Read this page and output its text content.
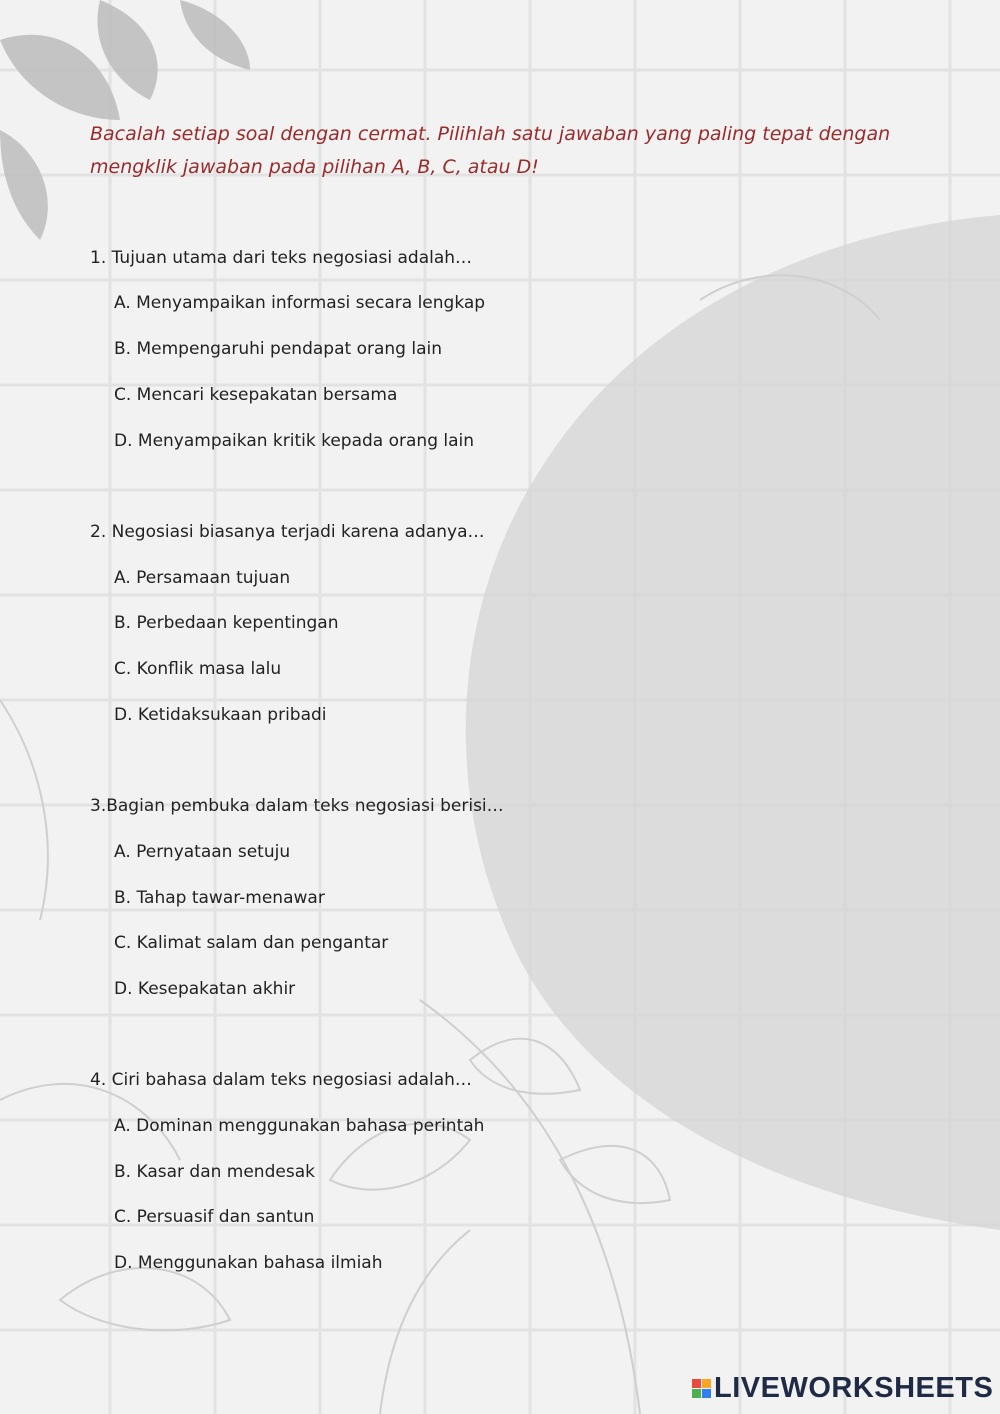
Bacalah setiap soal dengan cermat. Pilihlah satu jawaban yang paling tepat dengan mengklik jawaban pada pilihan A, B, C, atau D!
1. Tujuan utama dari teks negosiasi adalah…
A. Menyampaikan informasi secara lengkap
B. Mempengaruhi pendapat orang lain
C. Mencari kesepakatan bersama
D. Menyampaikan kritik kepada orang lain
2. Negosiasi biasanya terjadi karena adanya…
A. Persamaan tujuan
B. Perbedaan kepentingan
C. Konflik masa lalu
D. Ketidaksukaan pribadi
3.Bagian pembuka dalam teks negosiasi berisi…
A. Pernyataan setuju
B. Tahap tawar-menawar
C. Kalimat salam dan pengantar
D. Kesepakatan akhir
4. Ciri bahasa dalam teks negosiasi adalah…
A. Dominan menggunakan bahasa perintah
B. Kasar dan mendesak
C. Persuasif dan santun
D. Menggunakan bahasa ilmiah
LIVEWORKSHEETS
